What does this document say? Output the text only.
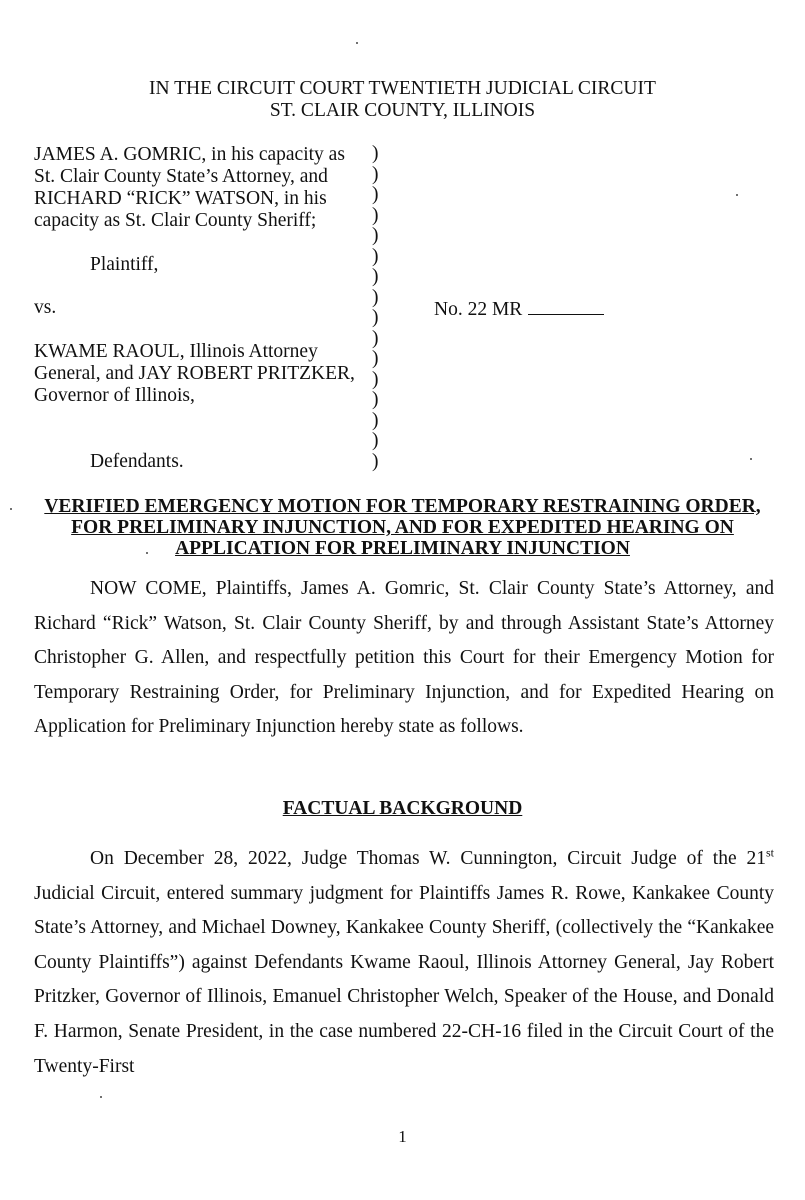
IN THE CIRCUIT COURT TWENTIETH JUDICIAL CIRCUIT
ST. CLAIR COUNTY, ILLINOIS
JAMES A. GOMRIC, in his capacity as St. Clair County State’s Attorney, and RICHARD “RICK” WATSON, in his capacity as St. Clair County Sheriff;
Plaintiff,
vs.
KWAME RAOUL, Illinois Attorney General, and JAY ROBERT PRITZKER, Governor of Illinois,
Defendants.
)
)
)
)
)
)
)
)
)
)
)
)
)
)
)
)
No. 22 MR
VERIFIED EMERGENCY MOTION FOR TEMPORARY RESTRAINING ORDER,
FOR PRELIMINARY INJUNCTION, AND FOR EXPEDITED HEARING ON
APPLICATION FOR PRELIMINARY INJUNCTION
NOW COME, Plaintiffs, James A. Gomric, St. Clair County State’s Attorney, and Richard “Rick” Watson, St. Clair County Sheriff, by and through Assistant State’s Attorney Christopher G. Allen, and respectfully petition this Court for their Emergency Motion for Temporary Restraining Order, for Preliminary Injunction, and for Expedited Hearing on Application for Preliminary Injunction hereby state as follows.
FACTUAL BACKGROUND
On December 28, 2022, Judge Thomas W. Cunnington, Circuit Judge of the 21st Judicial Circuit, entered summary judgment for Plaintiffs James R. Rowe, Kankakee County State’s Attorney, and Michael Downey, Kankakee County Sheriff, (collectively the “Kankakee County Plaintiffs”) against Defendants Kwame Raoul, Illinois Attorney General, Jay Robert Pritzker, Governor of Illinois, Emanuel Christopher Welch, Speaker of the House, and Donald F. Harmon, Senate President, in the case numbered 22-CH-16 filed in the Circuit Court of the Twenty-First
1
